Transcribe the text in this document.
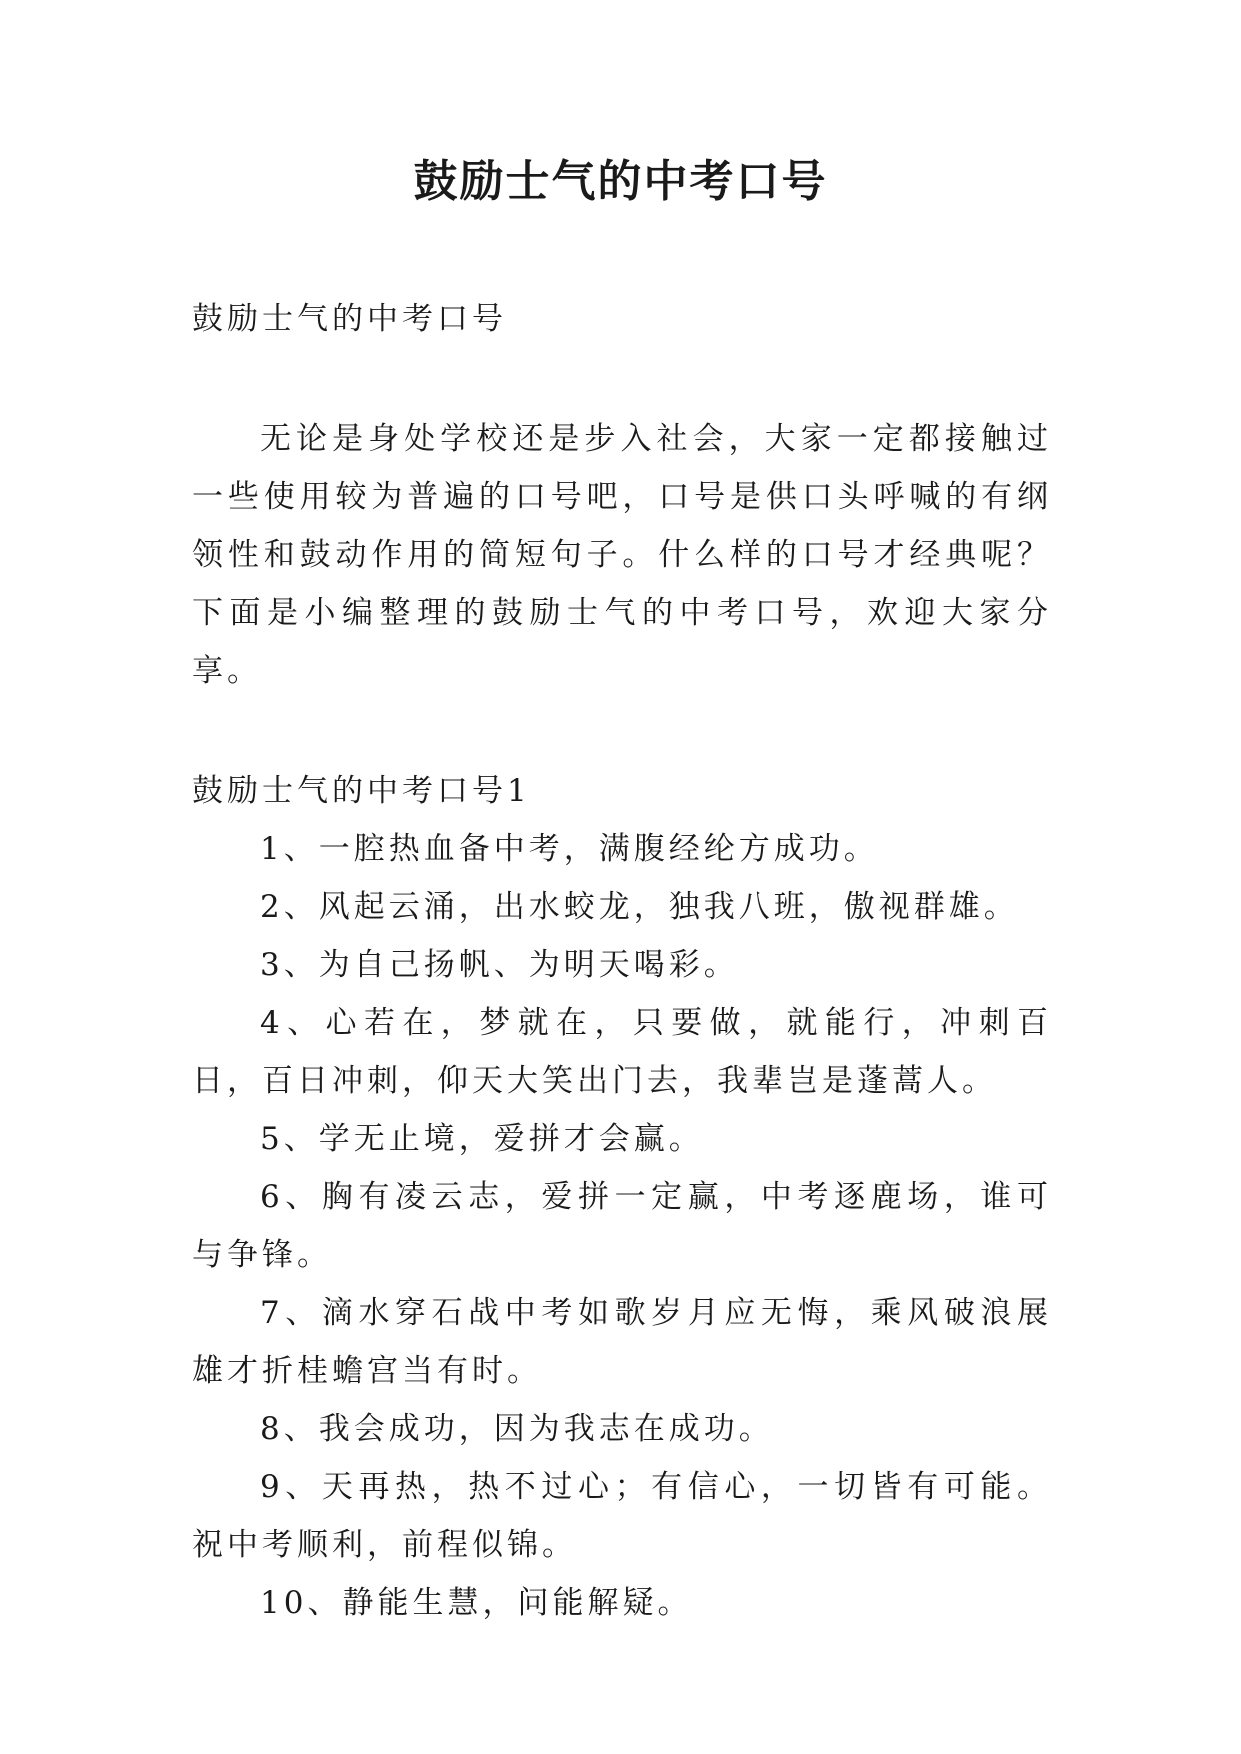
鼓励士气的中考口号

鼓励士气的中考口号

无论是身处学校还是步入社会，大家一定都接触过一些使用较为普遍的口号吧，口号是供口头呼喊的有纲领性和鼓动作用的简短句子。什么样的口号才经典呢？下面是小编整理的鼓励士气的中考口号，欢迎大家分享。

鼓励士气的中考口号1

1、一腔热血备中考，满腹经纶方成功。

2、风起云涌，出水蛟龙，独我八班，傲视群雄。

3、为自己扬帆、为明天喝彩。

4、心若在，梦就在，只要做，就能行，冲刺百日，百日冲刺，仰天大笑出门去，我辈岂是蓬蒿人。

5、学无止境，爱拼才会赢。

6、胸有凌云志，爱拼一定赢，中考逐鹿场，谁可与争锋。

7、滴水穿石战中考如歌岁月应无悔，乘风破浪展雄才折桂蟾宫当有时。

8、我会成功，因为我志在成功。

9、天再热，热不过心；有信心，一切皆有可能。祝中考顺利，前程似锦。

10、静能生慧，问能解疑。
